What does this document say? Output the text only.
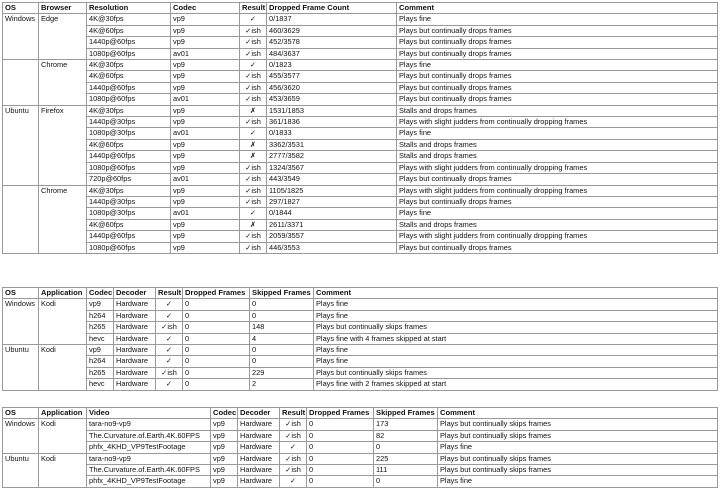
OS	Browser	Resolution	Codec	Result	Dropped Frame Count	Comment
Windows	Edge	4K@30fps	vp9	✓	0/1837	Plays fine
		4K@60fps	vp9	✓ish	460/3629	Plays but continually drops frames
		1440p@60fps	vp9	✓ish	452/3578	Plays but continually drops frames
		1080p@60fps	av01	✓ish	484/3637	Plays but continually drops frames
	Chrome	4K@30fps	vp9	✓	0/1823	Plays fine
		4K@60fps	vp9	✓ish	455/3577	Plays but continually drops frames
		1440p@60fps	vp9	✓ish	456/3620	Plays but continually drops frames
		1080p@60fps	av01	✓ish	453/3659	Plays but continually drops frames
Ubuntu	Firefox	4K@30fps	vp9	✗	1531/1853	Stalls and drops frames
		1440p@30fps	vp9	✓ish	361/1836	Plays with slight judders from continually dropping frames
		1080p@30fps	av01	✓	0/1833	Plays fine
		4K@60fps	vp9	✗	3362/3531	Stalls and drops frames
		1440p@60fps	vp9	✗	2777/3582	Stalls and drops frames
		1080p@60fps	vp9	✓ish	1324/3567	Plays with slight judders from continually dropping frames
		720p@60fps	av01	✓ish	443/3549	Plays but continually drops frames
	Chrome	4K@30fps	vp9	✓ish	1105/1825	Plays with slight judders from continually dropping frames
		1440p@30fps	vp9	✓ish	297/1827	Plays but continually drops frames
		1080p@30fps	av01	✓	0/1844	Plays fine
		4K@60fps	vp9	✗	2611/3371	Stalls and drops frames
		1440p@60fps	vp9	✓ish	2059/3557	Plays with slight judders from continually dropping frames
		1080p@60fps	vp9	✓ish	446/3553	Plays but continually drops frames
OS	Application	Codec	Decoder	Result	Dropped Frames	Skipped Frames	Comment
Windows	Kodi	vp9	Hardware	✓	0	0	Plays fine
		h264	Hardware	✓	0	0	Plays fine
		h265	Hardware	✓ish	0	148	Plays but continually skips frames
		hevc	Hardware	✓	0	4	Plays fine with 4 frames skipped at start
Ubuntu	Kodi	vp9	Hardware	✓	0	0	Plays fine
		h264	Hardware	✓	0	0	Plays fine
		h265	Hardware	✓ish	0	229	Plays but continually skips frames
		hevc	Hardware	✓	0	2	Plays fine with 2 frames skipped at start
OS	Application	Video	Codec	Decoder	Result	Dropped Frames	Skipped Frames	Comment
Windows	Kodi	tara-no9-vp9	vp9	Hardware	✓ish	0	173	Plays but continually skips frames
		The.Curvature.of.Earth.4K.60FPS	vp9	Hardware	✓ish	0	82	Plays but continually skips frames
		phfx_4KHD_VP9TestFootage	vp9	Hardware	✓	0	0	Plays fine
Ubuntu	Kodi	tara-no9-vp9	vp9	Hardware	✓ish	0	225	Plays but continually skips frames
		The.Curvature.of.Earth.4K.60FPS	vp9	Hardware	✓ish	0	111	Plays but continually skips frames
		phfx_4KHD_VP9TestFootage	vp9	Hardware	✓	0	0	Plays fine
